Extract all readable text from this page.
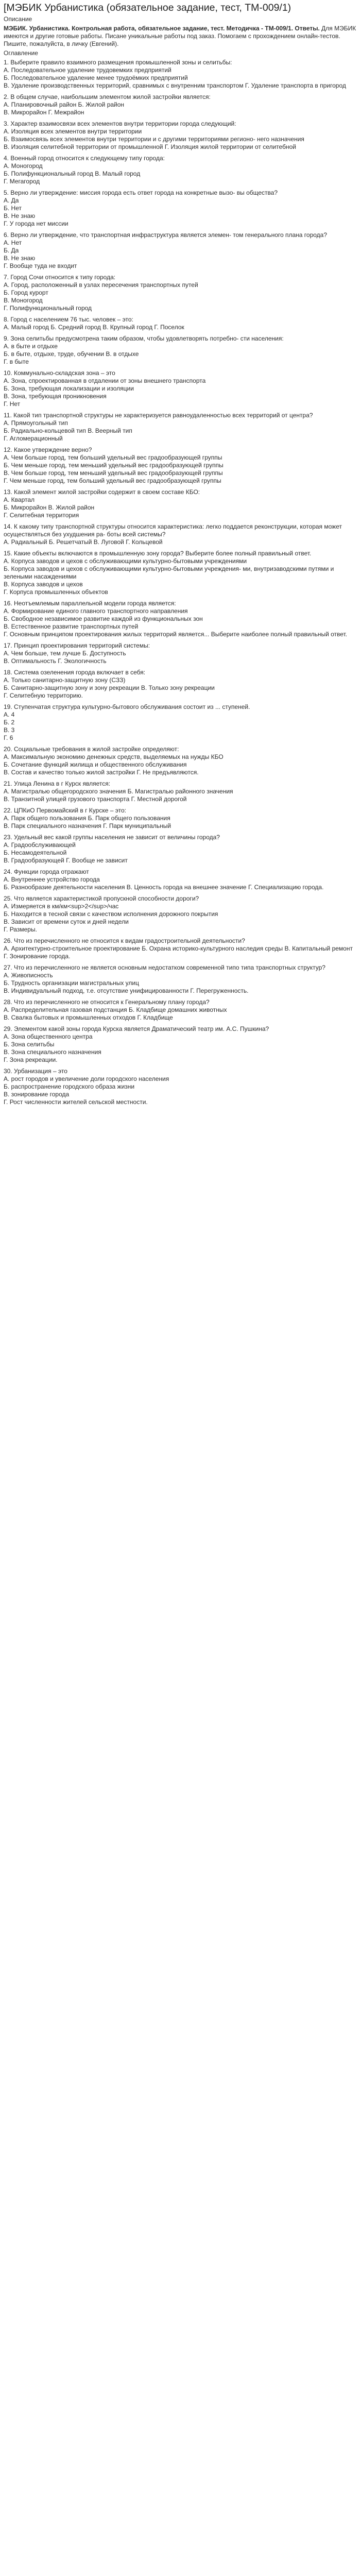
[МЭБИК Урбанистика (обязательное задание, тест, ТМ-009/1)
Описание
МЭБИК. Урбанистика. Контрольная работа, обязательное задание, тест. Методичка - ТМ-009/1. Ответы. Для МЭБИК имеются и другие готовые работы. Писане уникальные работы под заказ. Помогаем с прохождением онлайн-тестов. Пишите, пожалуйста, в личку (Евгений).
Оглавление
1. Выберите правило взаимного размещения промышленной зоны и селитьбы:
А. Последовательное удаление трудовемких предприятий
Б. Последовательное удаление менее трудоёмких предприятий
В. Удаление производственных территорий, сравнимых с внутренним транспортом Г. Удаление транспорта в пригород
2. В общем случае, наибольшим элементом жилой застройки является:
А. Планировочный район Б. Жилой район
В. Микрорайон Г. Межрайон
3. Характер взаимосвязи всех элементов внутри территории города следующий:
А. Изоляция всех элементов внутри территории
Б. Взаимосвязь всех элементов внутри территории и с другими территориями регионо- него назначения
В. Изоляция селитебной территории от промышленной Г. Изоляция жилой территории от селитебной
4. Военный город относится к следующему типу города:
А. Моногород
Б. Полифункциональный город В. Малый город
Г. Мегагород
5. Верно ли утверждение: миссия города есть ответ города на конкретные вызо- вы общества?
А. Да
Б. Нет
В. Не знаю
Г. У города нет миссии
6. Верно ли утверждение, что транспортная инфраструктура является элемен- том генерального плана города?
А. Нет
Б. Да
В. Не знаю
Г. Вообще туда не входит
7. Город Сочи относится к типу города:
А. Город, расположенный в узлах пересечения транспортных путей
Б. Город курорт
В. Моногород
Г. Полифункциональный город
8. Город с населением 76 тыс. человек – это:
А. Малый город Б. Средний город В. Крупный город Г. Поселок
9. Зона селитьбы предусмотрена таким образом, чтобы удовлетворять потребно- сти населения:
А. в быте и отдыхе
Б. в быте, отдыхе, труде, обучении В. в отдыхе
Г. в быте
10. Коммунально-складская зона – это
А. Зона, спроектированная в отдалении от зоны внешнего транспорта
Б. Зона, требующая локализации и изоляции
В. Зона, требующая проникновения
Г. Нет
11. Какой тип транспортной структуры не характеризуется равноудаленностью всех территорий от центра?
А. Прямоугольный тип
Б. Радиально-кольцевой тип В. Веерный тип
Г. Агломерационный
12. Какое утверждение верно?
А. Чем больше город, тем больший удельный вес градообразующей группы
Б. Чем меньше город, тем меньший удельный вес градообразующей группы
В. Чем больше город, тем меньший удельный вес градообразующей группы
Г. Чем меньше город, тем больший удельный вес градообразующей группы
13. Какой элемент жилой застройки содержит в своем составе КБО:
А. Квартал
Б. Микрорайон В. Жилой район
Г. Селитебная территория
14. К какому типу транспортной структуры относится характеристика: легко поддается реконструкции, которая может осуществляться без ухудшения ра- боты всей системы?
А. Радиальный Б. Решетчатый В. Луговой Г. Кольцевой
15. Какие объекты включаются в промышленную зону города? Выберите более полный правильный ответ.
А. Корпуса заводов и цехов с обслуживающими культурно-бытовыми учреждениями
Б. Корпуса заводов и цехов с обслуживающими культурно-бытовыми учреждения- ми, внутризаводскими путями и зелеными насаждениями
В. Корпуса заводов и цехов
Г. Корпуса промышленных объектов
16. Неотъемлемым параллельной модели города является:
А. Формирование единого главного транспортного направления
Б. Свободное независимое развитие каждой из функциональных зон
В. Естественное развитие транспортных путей
Г. Основным принципом проектирования жилых территорий является... Выберите наиболее полный правильный ответ.
17. Принцип проектирования территорий системы:
А. Чем больше, тем лучше Б. Доступность
В. Оптимальность Г. Экологичность
18. Система озеленения города включает в себя:
А. Только санитарно-защитную зону (СЗЗ)
Б. Санитарно-защитную зону и зону рекреации В. Только зону рекреации
Г. Селитебную территорию.
19. Ступенчатая структура культурно-бытового обслуживания состоит из ... ступеней.
А. 4
Б. 2
В. 3
Г. 6
20. Социальные требования в жилой застройке определяют:
А. Максимальную экономию денежных средств, выделяемых на нужды КБО
Б. Сочетание функций жилища и общественного обслуживания
В. Состав и качество только жилой застройки Г. Не предъявляются.
21. Улица Ленина в г Курск является:
А. Магистралью общегородского значения Б. Магистралью районного значения
В. Транзитной улицей грузового транспорта Г. Местной дорогой
22. ЦПКиО Первомайский в г Курске – это:
А. Парк общего пользования Б. Парк общего пользования
В. Парк специального назначения Г. Парк муниципальный
23. Удельный вес какой группы населения не зависит от величины города?
А. Градообслуживающей
Б. Несамодеятельной
В. Градообразующей Г. Вообще не зависит
24. Функции города отражают
А. Внутреннее устройство города
Б. Разнообразие деятельности населения В. Ценность города на внешнее значение Г. Специализацию города.
25. Что является характеристикой пропускной способности дороги?
А. Измеряется в км/км<sup>2</sup>/час
Б. Находится в тесной связи с качеством исполнения дорожного покрытия
В. Зависит от времени суток и дней недели
Г. Размеры.
26. Что из перечисленного не относится к видам градостроительной деятельности?
А. Архитектурно-строительное проектирование Б. Охрана историко-культурного наследия среды В. Капитальный ремонт
Г. Зонирование города.
27. Что из перечисленного не является основным недостатком современной типо типа транспортных структур?
А. Живописность
Б. Трудность организации магистральных улиц
В. Индивидуальный подход, т.е. отсутствие унифицированности Г. Перегруженность.
28. Что из перечисленного не относится к Генеральному плану города?
А. Распределительная газовая подстанция Б. Кладбище домашних животных
В. Свалка бытовых и промышленных отходов Г. Кладбище
29. Элементом какой зоны города Курска является Драматический театр им. А.С. Пушкина?
А. Зона общественного центра
Б. Зона селитьбы
В. Зона специального назначения
Г. Зона рекреации.
30. Урбанизация – это
А. рост городов и увеличение доли городского населения
Б. распространение городского образа жизни
В. зонирование города
Г. Рост численности жителей сельской местности.
